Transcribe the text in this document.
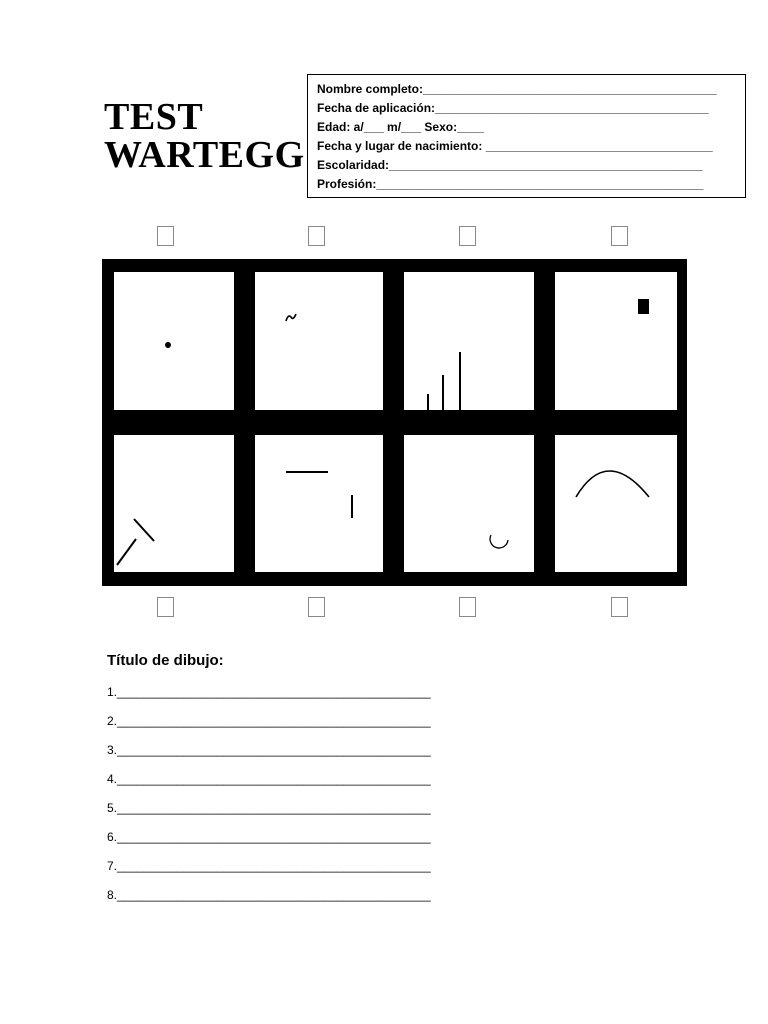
TEST
WARTEGG
Nombre completo:____________________________________________
Fecha de aplicación:_________________________________________
Edad: a/___ m/___ Sexo:____
Fecha y lugar de nacimiento: __________________________________
Escolaridad:_______________________________________________
Profesión:_________________________________________________
Título de dibujo:
1._______________________________________________
2._______________________________________________
3._______________________________________________
4._______________________________________________
5._______________________________________________
6._______________________________________________
7._______________________________________________
8._______________________________________________
